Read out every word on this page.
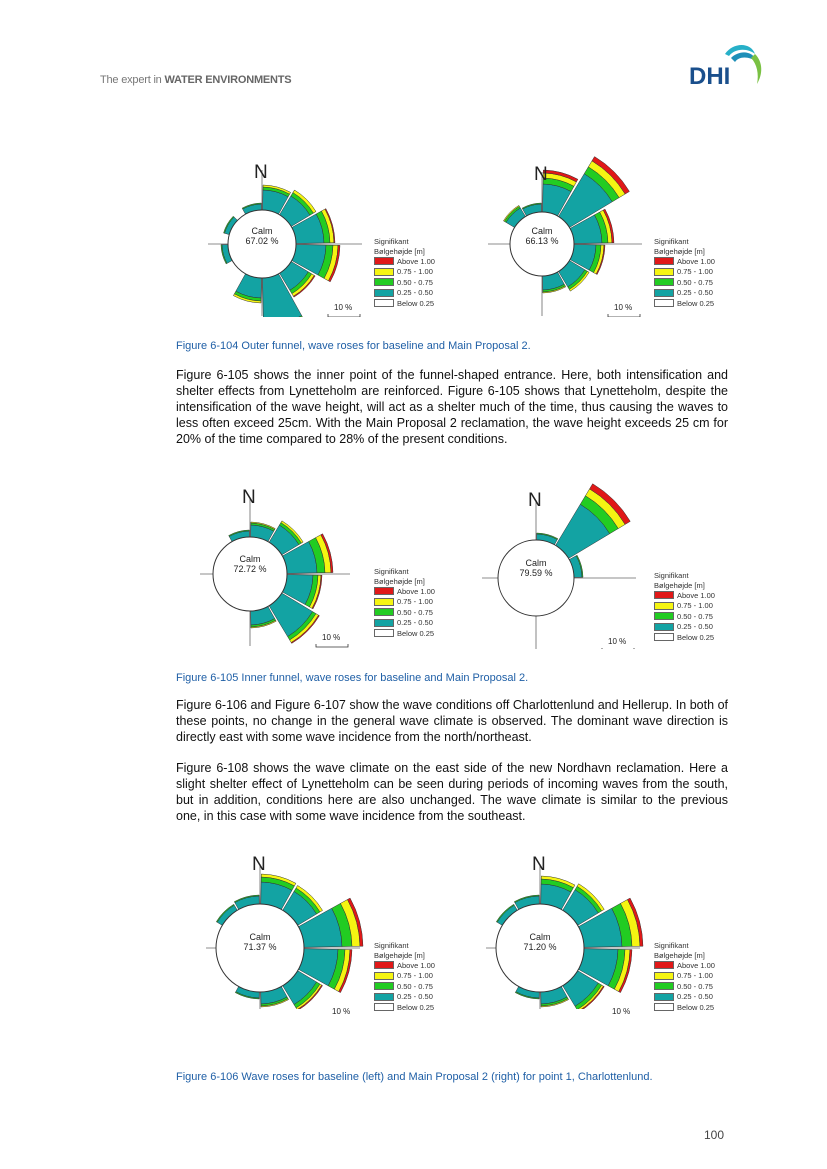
The expert in WATER ENVIRONMENTS	DHI
N
Calm
67.02 %
10 %
Signifikant
Bølgehøjde [m]
Above 1.00
0.75 - 1.00
0.50 - 0.75
0.25 - 0.50
Below 0.25
N
Calm
66.13 %
10 %
Signifikant
Bølgehøjde [m]
Above 1.00
0.75 - 1.00
0.50 - 0.75
0.25 - 0.50
Below 0.25
Figure 6-104 Outer funnel, wave roses for baseline and Main Proposal 2.
Figure 6-105 shows the inner point of the funnel-shaped entrance. Here, both intensification and shelter effects from Lynetteholm are reinforced. Figure 6-105 shows that Lynetteholm, despite the intensification of the wave height, will act as a shelter much of the time, thus causing the waves to less often exceed 25cm. With the Main Proposal 2 reclamation, the wave height exceeds 25 cm for 20% of the time compared to 28% of the present conditions.
N
Calm
72.72 %
10 %
Signifikant
Bølgehøjde [m]
Above 1.00
0.75 - 1.00
0.50 - 0.75
0.25 - 0.50
Below 0.25
N
Calm
79.59 %
10 %
Signifikant
Bølgehøjde [m]
Above 1.00
0.75 - 1.00
0.50 - 0.75
0.25 - 0.50
Below 0.25
Figure 6-105 Inner funnel, wave roses for baseline and Main Proposal 2.
Figure 6-106 and Figure 6-107 show the wave conditions off Charlottenlund and Hellerup. In both of these points, no change in the general wave climate is observed. The dominant wave direction is directly east with some wave incidence from the north/northeast.
Figure 6-108 shows the wave climate on the east side of the new Nordhavn reclamation. Here a slight shelter effect of Lynetteholm can be seen during periods of incoming waves from the south, but in addition, conditions here are also unchanged. The wave climate is similar to the previous one, in this case with some wave incidence from the southeast.
N
Calm
71.37 %
10 %
Signifikant
Bølgehøjde [m]
Above 1.00
0.75 - 1.00
0.50 - 0.75
0.25 - 0.50
Below 0.25
N
Calm
71.20 %
10 %
Signifikant
Bølgehøjde [m]
Above 1.00
0.75 - 1.00
0.50 - 0.75
0.25 - 0.50
Below 0.25
Figure 6-106 Wave roses for baseline (left) and Main Proposal 2 (right) for point 1, Charlottenlund.
100
